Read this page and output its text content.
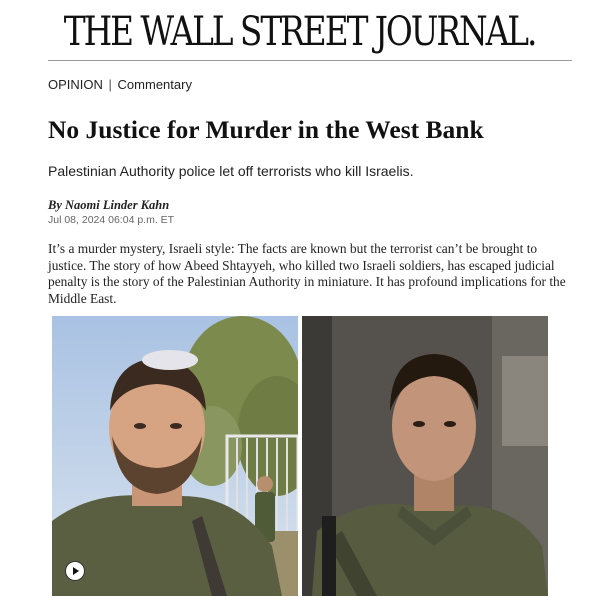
THE WALL STREET JOURNAL.
OPINION | Commentary
No Justice for Murder in the West Bank
Palestinian Authority police let off terrorists who kill Israelis.
By Naomi Linder Kahn
Jul 08, 2024 06:04 p.m. ET

It’s a murder mystery, Israeli style: The facts are known but the terrorist can’t be brought to justice. The story of how Abeed Shtayyeh, who killed two Israeli soldiers, has escaped judicial penalty is the story of the Palestinian Authority in miniature. It has profound implications for the Middle East.
